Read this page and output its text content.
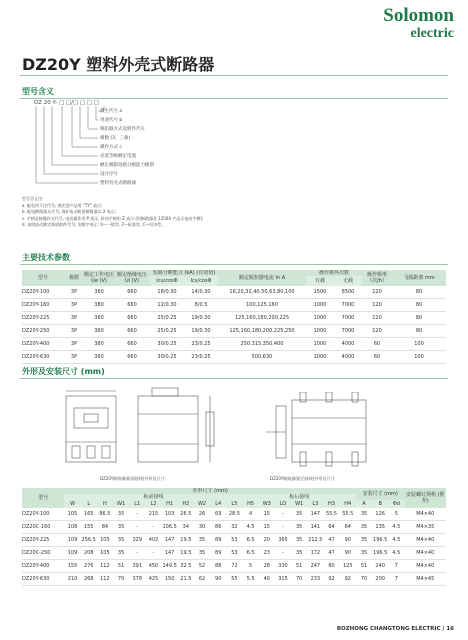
Solomon
electric
DZ20Y 塑料外壳式断路器
型号含义
DZ 20 Y- □ □/□ □ □ □
派生代号 a
用途代号 b
脱扣器方式及附件代号
极数 (3、三极)
操作方式 c
壳架等级额定电流
额定极限短路分断能力级别
设计序号
塑料外壳式断路器
型号含义注:
a. 配电用不注代号, 透光型产品用 “TY” 表示;
b. 配电断路器无代号, 保护电动机用断路器以 2 表示;
c. 手柄直接操作无代号, 电动操作用 P 表示, 转动手柄用 Z 表示 (用断路器及 1250A 产品无电动手柄);
d. 表明流动额定吸收附件代号; 用数字表示: 0—一般型, 2—标准型, C—经济型。
主要技术参数
型号	极数	额定工作电压 Ue (V)	额定绝缘电压 Ui (V)	短路分断能力 (kA) (有效值)		额定脱扣器电流 In A	操作循环次数		操作频率（次/h）	飞弧距离 mm
				Icu/cosΦ	Ics/cosΦ		有载	无载		
DZ20Y-100	3P	380	660	18/0.30	14/0.30	16,20,32,40,50,63,80,100	1500	8500	120	80
DZ20Y-160	3P	380	660	12/0.30	8/0.5	100,125,160	1000	7000	120	80
DZ20Y-225	3P	380	660	25/0.25	19/0.30	125,160,180,200,225	1000	7000	120	80
DZ20Y-250	3P	380	660	25/0.25	19/0.30	125,160,180,200,225,250	1000	7000	120	80
DZ20Y-400	3P	380	660	30/0.25	23/0.25	250,315,350,400	1000	4000	60	100
DZ20Y-630	3P	380	660	30/0.25	23/0.25	500,630	1000	4000	60	100
外形及安装尺寸 (mm)
DZ20Y断路器(板前接线)外形及尺寸	DZ20Y断路器(板后接线)外形及尺寸
型号	外形尺寸 (mm)																		安装尺寸 (mm)			安装螺钉规格 (推荐)
	板前接线											板后接线										
	W	L	H	W1	L1	L2	H1	H2	W2	L4	L5	H5	W3	LO	W1	L3	H3	H4	A	B	Φd	
DZ20Y-100	105	165	86.5	35	-	215	103	26.5	26	69	28.5	4	15	-	35	147	55.5	55.5	35	126	5	M4×40
DZ20C-160	108	155	84	35	-	-	106.5	34	30	86	32	4.5	15	-	35	141	64	64	35	135	4.5	M4×35
DZ20Y-225	109	256.5	105	35	329	402	147	19.5	35	89	53	6.5	20	365	35	212.5	47	90	35	196.5	4.5	M4×40
DZ20C-250	109	208	105	35	-	-	147	19.5	35	89	53	6.5	23	-	35	172	47	90	35	196.5	4.5	M4×40
DZ20Y-400	155	276	112	51	391	450	149.5	32.5	52	88	72	5	28	330	51	247	80	125	51	240	7	M4×40
DZ20Y-630	210	268	112	70	378	425	150	21.5	62	90	55	5.5	40	315	70	233	92	92	70	200	7	M4×45
BOZHONG CHANGTONG ELECTRIC / 16
